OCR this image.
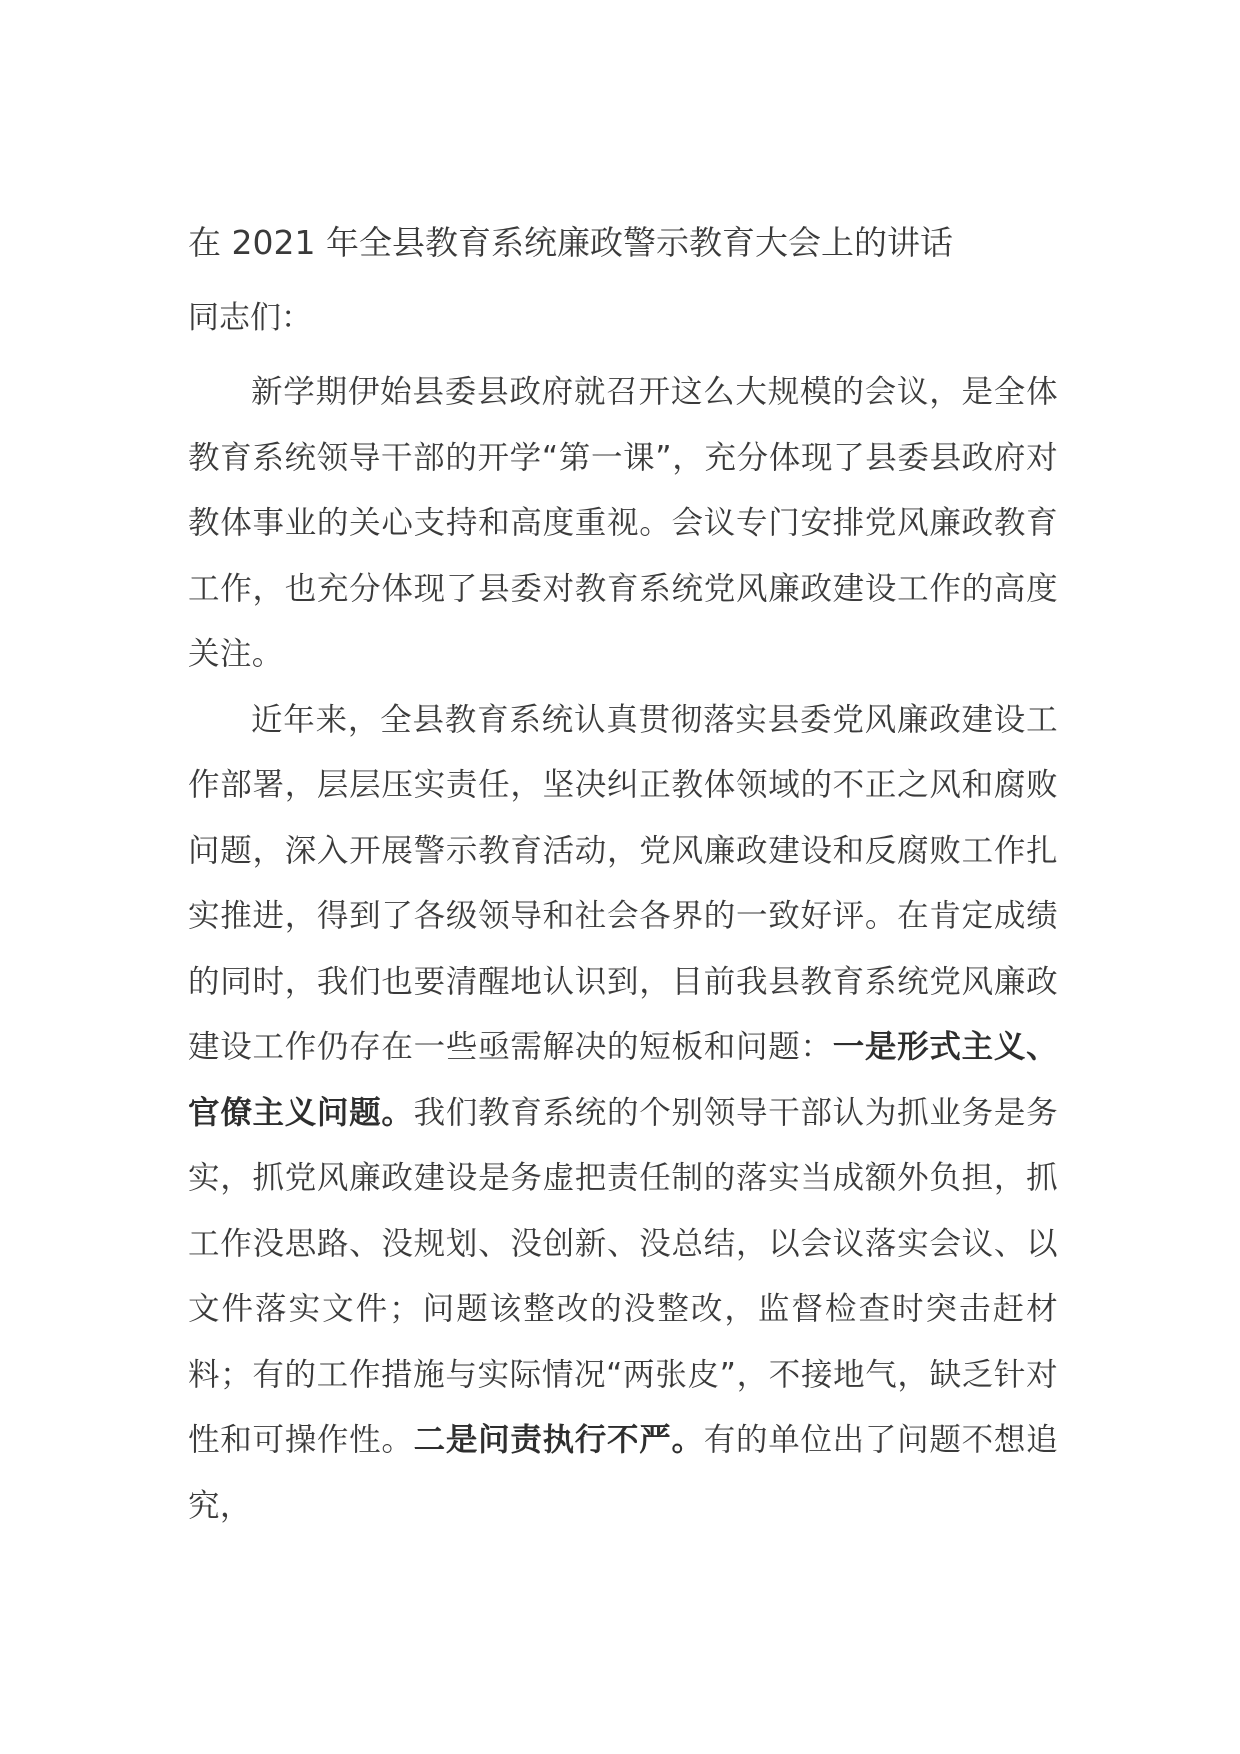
在 2021 年全县教育系统廉政警示教育大会上的讲话

同志们：

新学期伊始县委县政府就召开这么大规模的会议，是全体教育系统领导干部的开学“第一课”，充分体现了县委县政府对教体事业的关心支持和高度重视。会议专门安排党风廉政教育工作，也充分体现了县委对教育系统党风廉政建设工作的高度关注。

近年来，全县教育系统认真贯彻落实县委党风廉政建设工作部署，层层压实责任，坚决纠正教体领域的不正之风和腐败问题，深入开展警示教育活动，党风廉政建设和反腐败工作扎实推进，得到了各级领导和社会各界的一致好评。在肯定成绩的同时，我们也要清醒地认识到，目前我县教育系统党风廉政建设工作仍存在一些亟需解决的短板和问题：一是形式主义、官僚主义问题。我们教育系统的个别领导干部认为抓业务是务实，抓党风廉政建设是务虚把责任制的落实当成额外负担，抓工作没思路、没规划、没创新、没总结，以会议落实会议、以文件落实文件；问题该整改的没整改，监督检查时突击赶材料；有的工作措施与实际情况“两张皮”，不接地气，缺乏针对性和可操作性。二是问责执行不严。有的单位出了问题不想追究，
